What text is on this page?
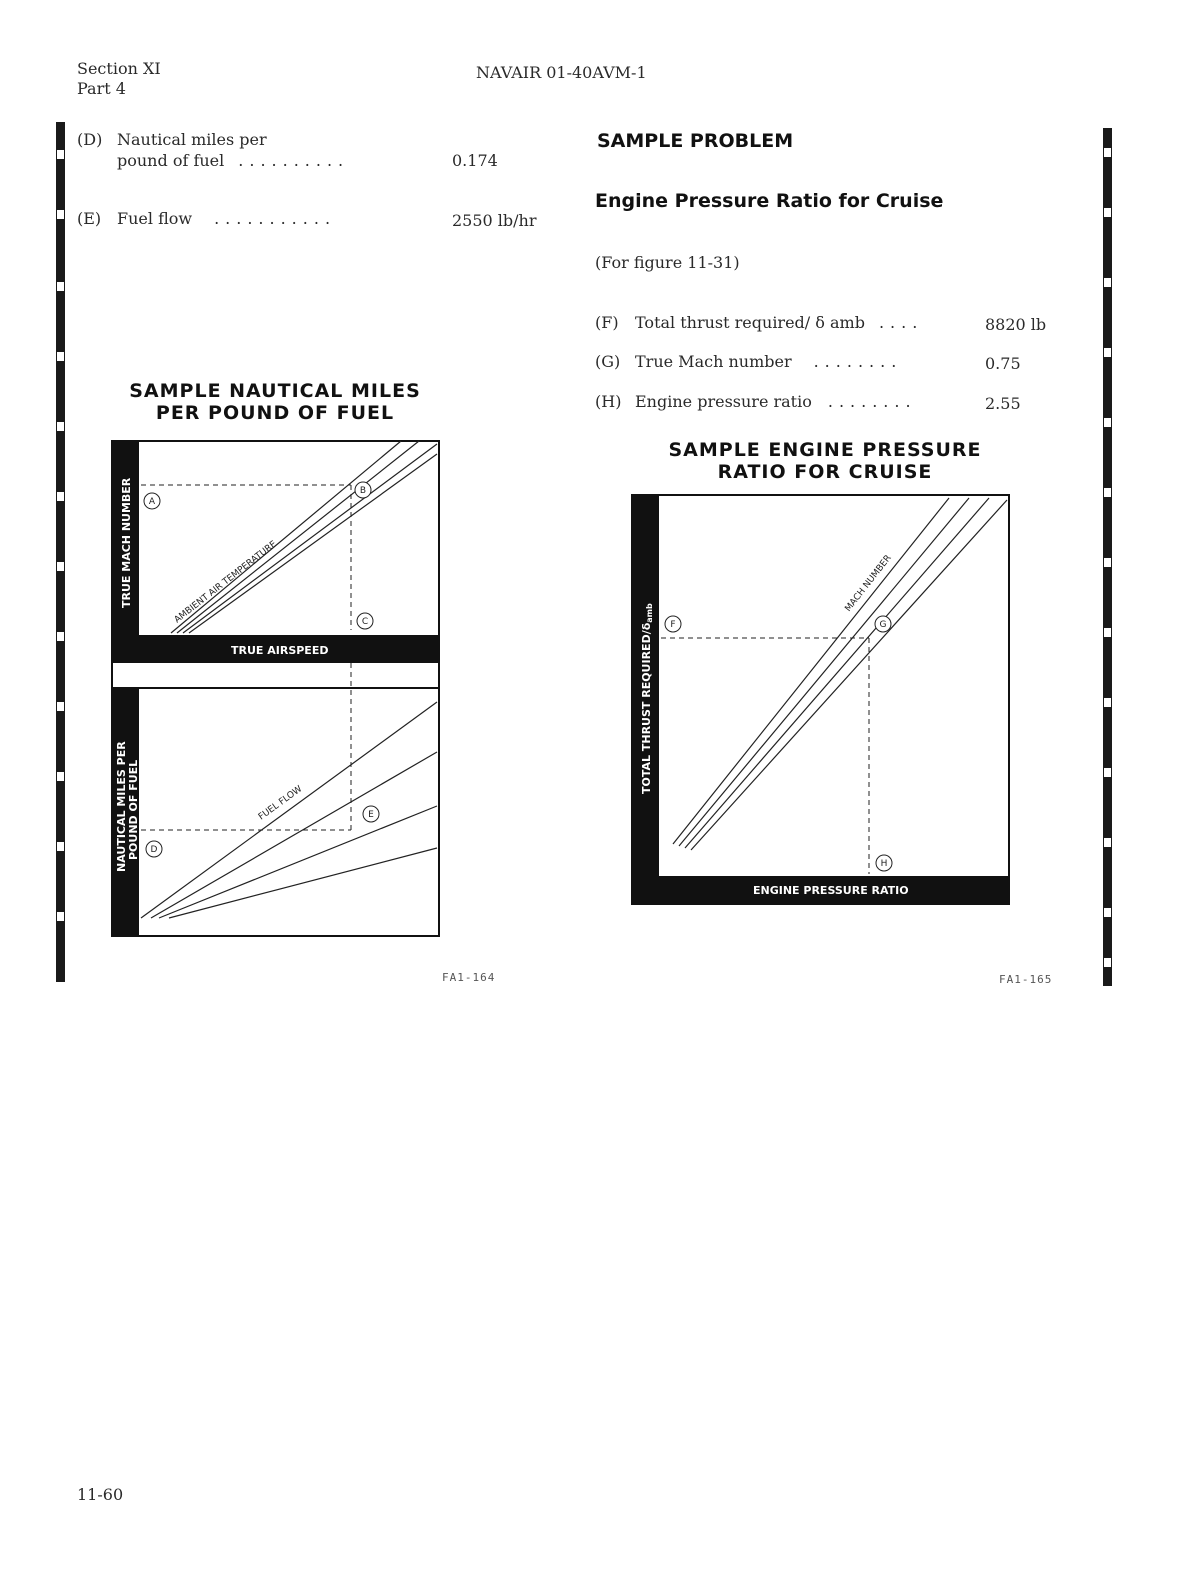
Section XI
Part 4
NAVAIR 01-40AVM-1
(D) Nautical miles per
pound of fuel ..........	0.174
(E) Fuel flow ...........	2550 lb/hr
SAMPLE PROBLEM
Engine Pressure Ratio for Cruise
(For figure 11-31)
(F) Total thrust required/ δ amb ....	8820 lb
(G) True Mach number ........	0.75
(H) Engine pressure ratio ........	2.55
SAMPLE NAUTICAL MILES
PER POUND OF FUEL
TRUE MACH NUMBER
TRUE AIRSPEED
NAUTICAL MILES PER POUND OF FUEL
AMBIENT AIR TEMPERATURE
A
B
C
D
E
FUEL FLOW
FA1-164
SAMPLE ENGINE PRESSURE
RATIO FOR CRUISE
TOTAL THRUST REQUIRED/δamb
ENGINE PRESSURE RATIO
MACH NUMBER
F	G
H
FA1-165
11-60
